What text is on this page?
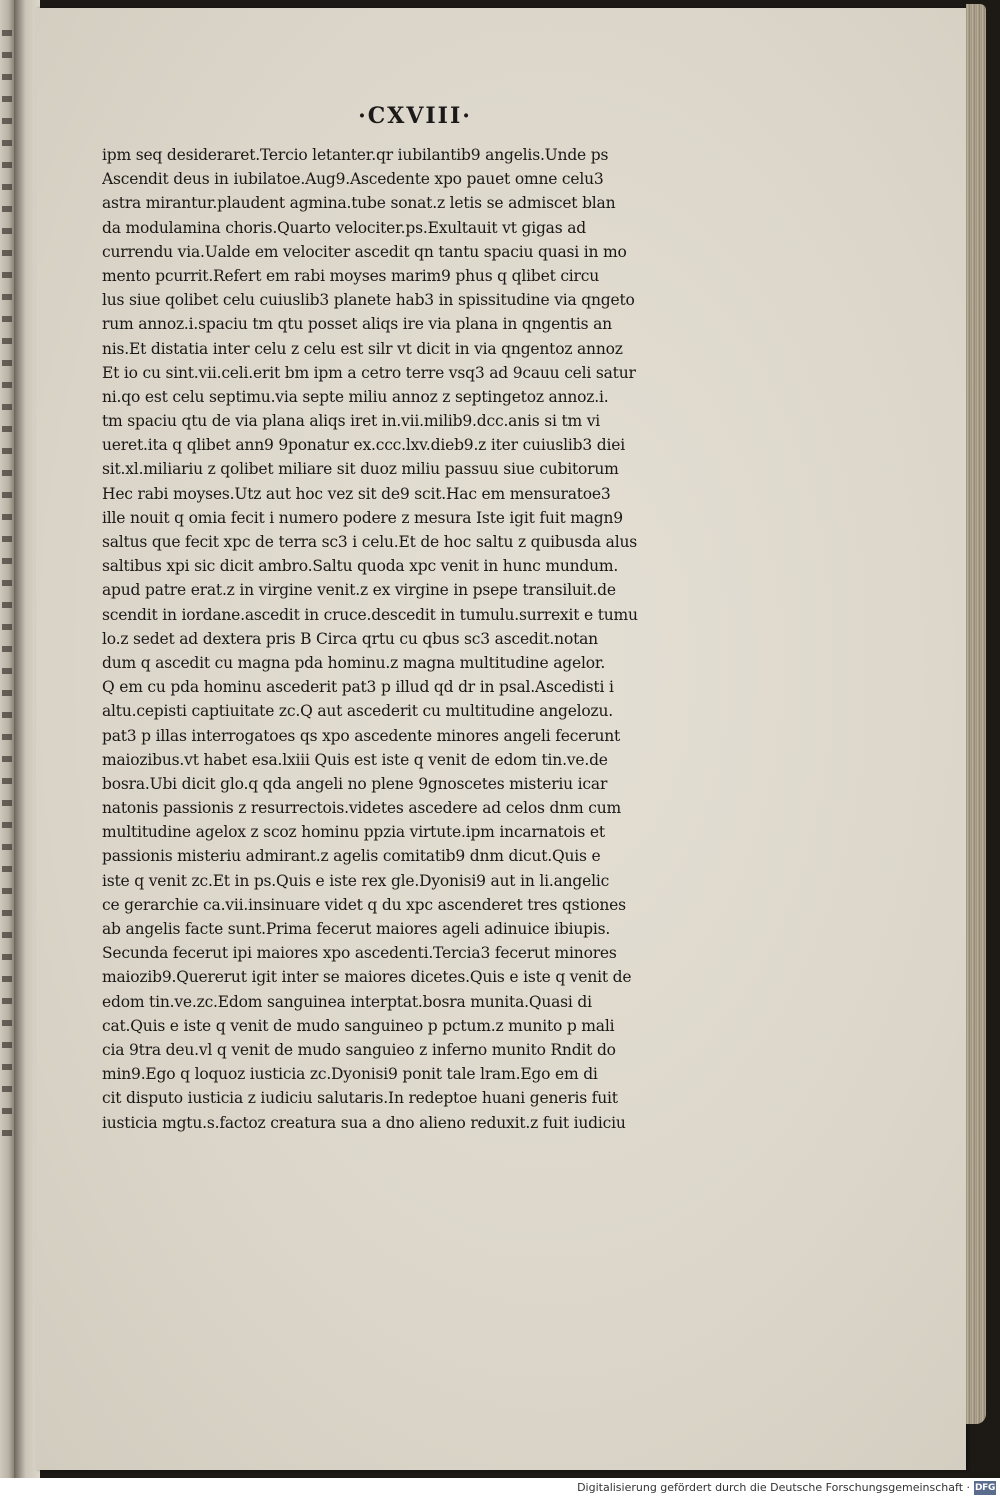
·CXVIII·
ipm seq desideraret.Tercio letanter.qr iubilantib9 angelis.Unde ps
Ascendit deus in iubilatoe.Aug9.Ascedente xpo pauet omne celu3
astra mirantur.plaudent agmina.tube sonat.z letis se admiscet blan
da modulamina choris.Quarto velociter.ps.Exultauit vt gigas ad
currendu via.Ualde em velociter ascedit qn tantu spaciu quasi in mo
mento pcurrit.Refert em rabi moyses marim9 phus q qlibet circu
lus siue qolibet celu cuiuslib3 planete hab3 in spissitudine via qngeto
rum annoz.i.spaciu tm qtu posset aliqs ire via plana in qngentis an
nis.Et distatia inter celu z celu est silr vt dicit in via qngentoz annoz
Et io cu sint.vii.celi.erit bm ipm a cetro terre vsq3 ad 9cauu celi satur
ni.qo est celu septimu.via septe miliu annoz z septingetoz annoz.i.
tm spaciu qtu de via plana aliqs iret in.vii.milib9.dcc.anis si tm vi
ueret.ita q qlibet ann9 9ponatur ex.ccc.lxv.dieb9.z iter cuiuslib3 diei
sit.xl.miliariu z qolibet miliare sit duoz miliu passuu siue cubitorum
Hec rabi moyses.Utz aut hoc vez sit de9 scit.Hac em mensuratoe3
ille nouit q omia fecit i numero podere z mesura Iste igit fuit magn9
saltus que fecit xpc de terra sc3 i celu.Et de hoc saltu z quibusda alus
saltibus xpi sic dicit ambro.Saltu quoda xpc venit in hunc mundum.
apud patre erat.z in virgine venit.z ex virgine in psepe transiluit.de
scendit in iordane.ascedit in cruce.descedit in tumulu.surrexit e tumu
lo.z sedet ad dextera pris B Circa qrtu cu qbus sc3 ascedit.notan
dum q ascedit cu magna pda hominu.z magna multitudine agelor.
Q em cu pda hominu ascederit pat3 p illud qd dr in psal.Ascedisti i
altu.cepisti captiuitate zc.Q aut ascederit cu multitudine angelozu.
pat3 p illas interrogatoes qs xpo ascedente minores angeli fecerunt
maiozibus.vt habet esa.lxiii Quis est iste q venit de edom tin.ve.de
bosra.Ubi dicit glo.q qda angeli no plene 9gnoscetes misteriu icar
natonis passionis z resurrectois.videtes ascedere ad celos dnm cum
multitudine agelox z scoz hominu ppzia virtute.ipm incarnatois et
passionis misteriu admirant.z agelis comitatib9 dnm dicut.Quis e
iste q venit zc.Et in ps.Quis e iste rex gle.Dyonisi9 aut in li.angelic
ce gerarchie ca.vii.insinuare videt q du xpc ascenderet tres qstiones
ab angelis facte sunt.Prima fecerut maiores ageli adinuice ibiupis.
Secunda fecerut ipi maiores xpo ascedenti.Tercia3 fecerut minores
maiozib9.Quererut igit inter se maiores dicetes.Quis e iste q venit de
edom tin.ve.zc.Edom sanguinea interptat.bosra munita.Quasi di
cat.Quis e iste q venit de mudo sanguineo p pctum.z munito p mali
cia 9tra deu.vl q venit de mudo sanguieo z inferno munito Rndit do
min9.Ego q loquoz iusticia zc.Dyonisi9 ponit tale lram.Ego em di
cit disputo iusticia z iudiciu salutaris.In redeptoe huani generis fuit
iusticia mgtu.s.factoz creatura sua a dno alieno reduxit.z fuit iudiciu
Digitalisierung gefördert durch die Deutsche Forschungsgemeinschaft · DFG
